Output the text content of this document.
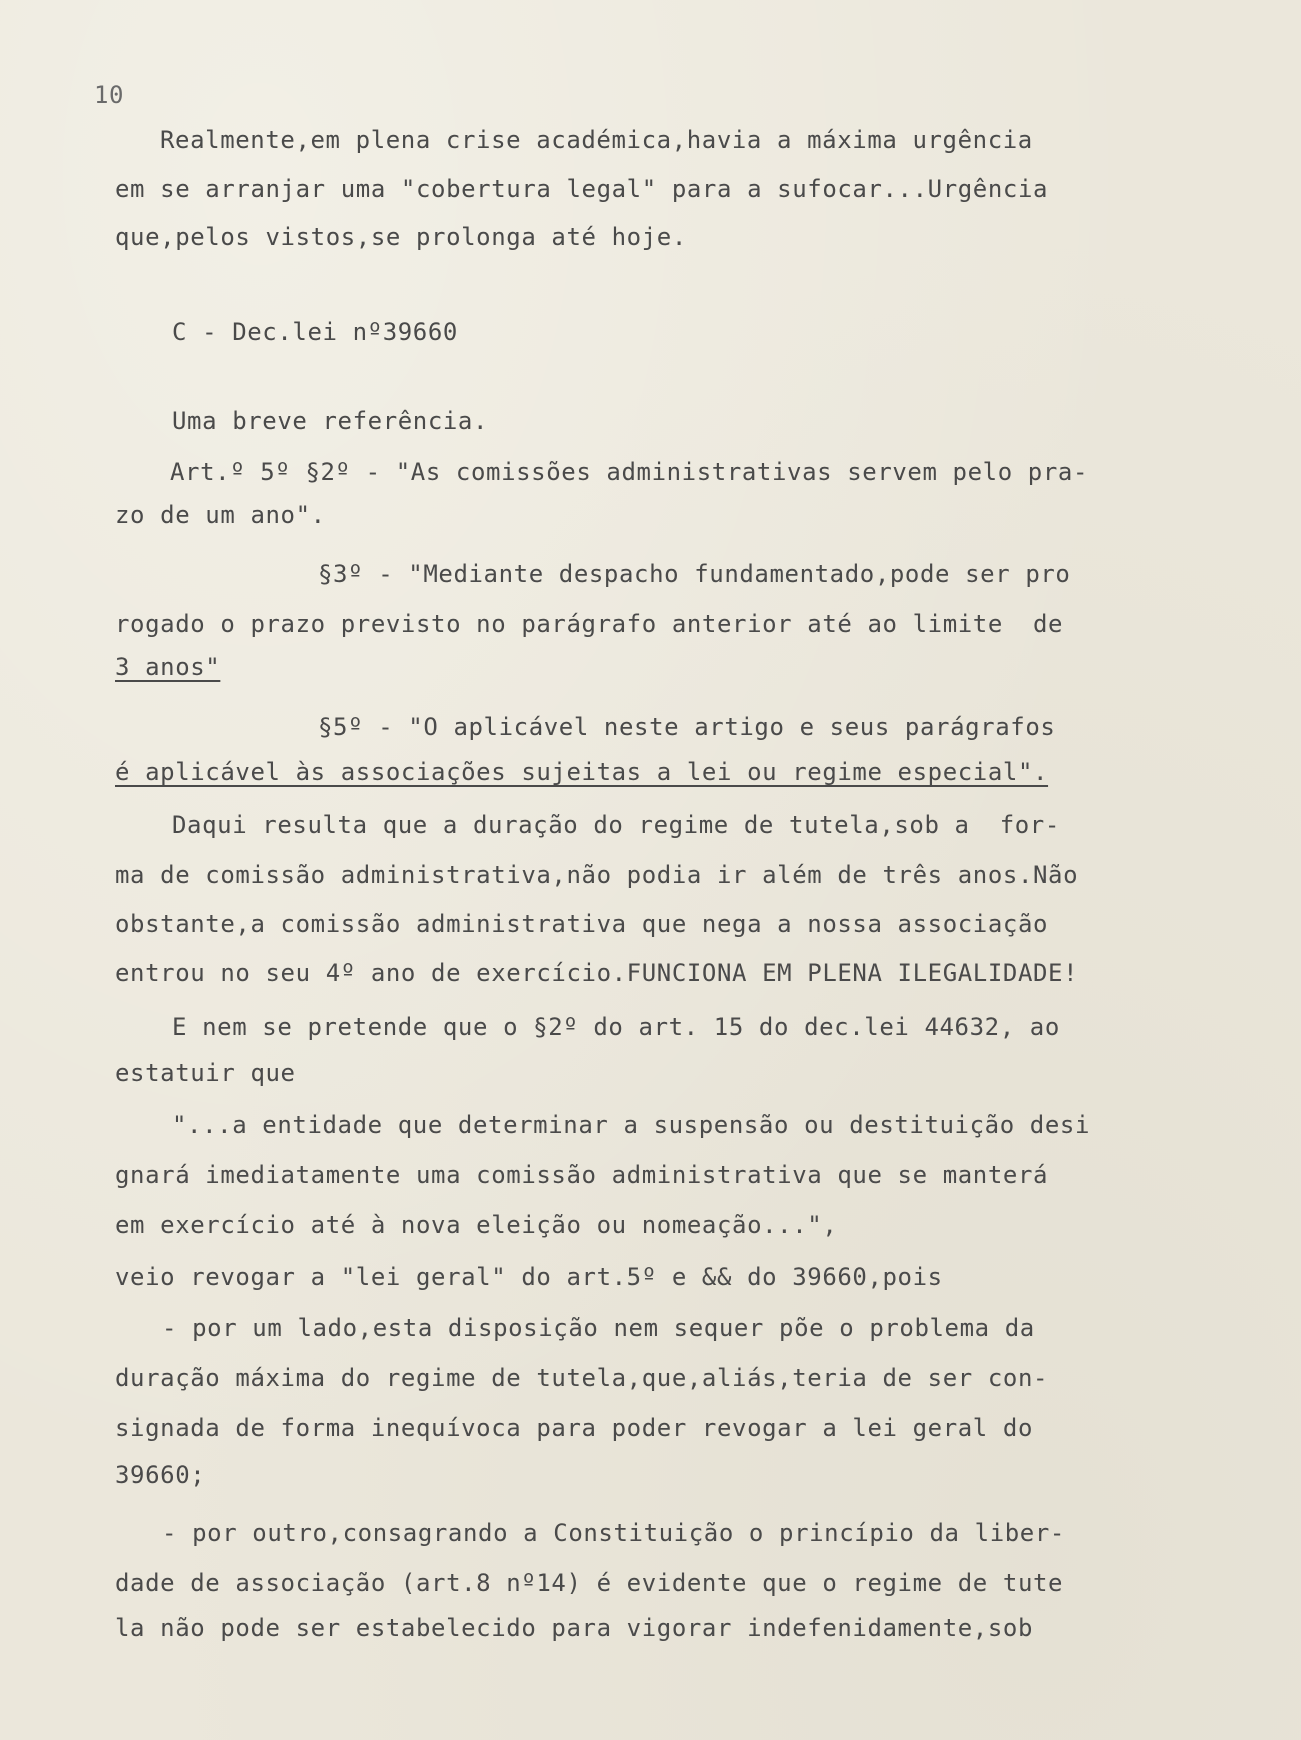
10
Realmente,em plena crise académica,havia a máxima urgência
em se arranjar uma "cobertura legal" para a sufocar...Urgência
que,pelos vistos,se prolonga até hoje.
C - Dec.lei nº39660
Uma breve referência.
Art.º 5º §2º - "As comissões administrativas servem pelo pra-
zo de um ano".
§3º - "Mediante despacho fundamentado,pode ser pro
rogado o prazo previsto no parágrafo anterior até ao limite  de
3 anos"
§5º - "O aplicável neste artigo e seus parágrafos
é aplicável às associações sujeitas a lei ou regime especial".
Daqui resulta que a duração do regime de tutela,sob a  for-
ma de comissão administrativa,não podia ir além de três anos.Não
obstante,a comissão administrativa que nega a nossa associação
entrou no seu 4º ano de exercício.FUNCIONA EM PLENA ILEGALIDADE!
E nem se pretende que o §2º do art. 15 do dec.lei 44632, ao
estatuir que
"...a entidade que determinar a suspensão ou destituição desi
gnará imediatamente uma comissão administrativa que se manterá
em exercício até à nova eleição ou nomeação...",
veio revogar a "lei geral" do art.5º e && do 39660,pois
- por um lado,esta disposição nem sequer põe o problema da
duração máxima do regime de tutela,que,aliás,teria de ser con-
signada de forma inequívoca para poder revogar a lei geral do
39660;
- por outro,consagrando a Constituição o princípio da liber-
dade de associação (art.8 nº14) é evidente que o regime de tute
la não pode ser estabelecido para vigorar indefenidamente,sob
